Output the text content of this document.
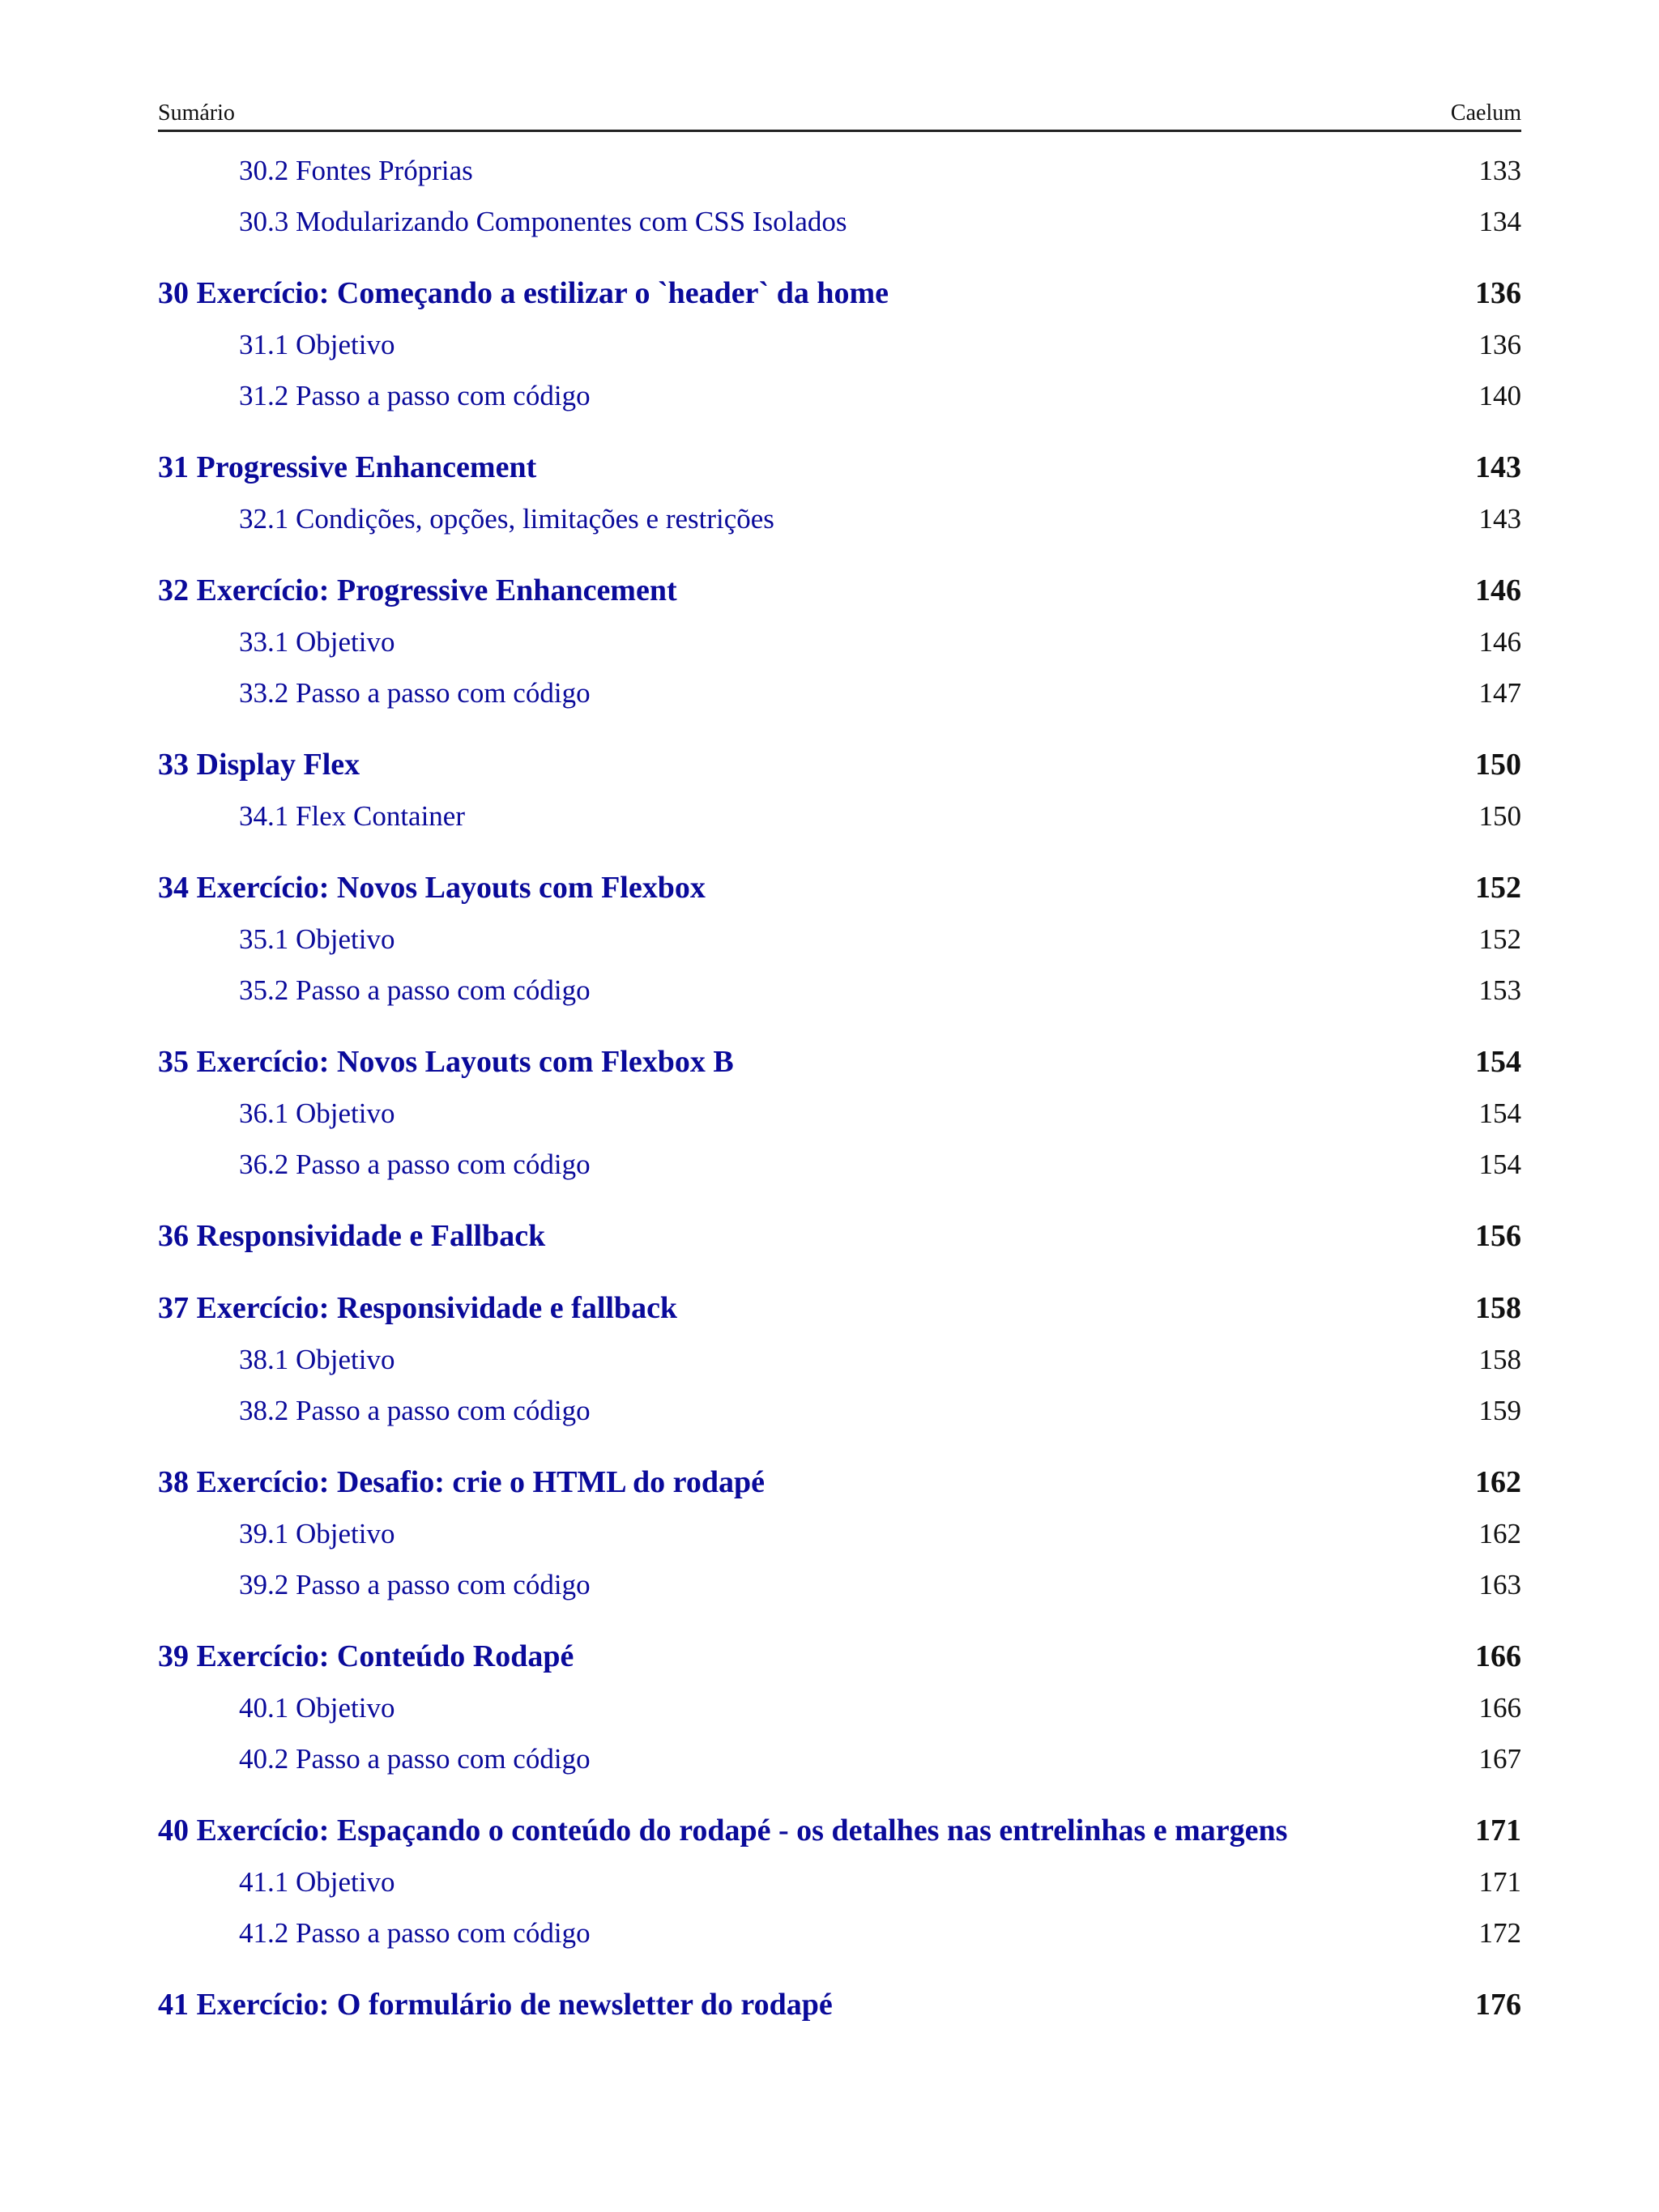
Sumário	Caelum
30.2 Fontes Próprias	133
30.3 Modularizando Componentes com CSS Isolados	134
30 Exercício: Começando a estilizar o `header` da home	136
31.1 Objetivo	136
31.2 Passo a passo com código	140
31 Progressive Enhancement	143
32.1 Condições, opções, limitações e restrições	143
32 Exercício: Progressive Enhancement	146
33.1 Objetivo	146
33.2 Passo a passo com código	147
33 Display Flex	150
34.1 Flex Container	150
34 Exercício: Novos Layouts com Flexbox	152
35.1 Objetivo	152
35.2 Passo a passo com código	153
35 Exercício: Novos Layouts com Flexbox B	154
36.1 Objetivo	154
36.2 Passo a passo com código	154
36 Responsividade e Fallback	156
37 Exercício: Responsividade e fallback	158
38.1 Objetivo	158
38.2 Passo a passo com código	159
38 Exercício: Desafio: crie o HTML do rodapé	162
39.1 Objetivo	162
39.2 Passo a passo com código	163
39 Exercício: Conteúdo Rodapé	166
40.1 Objetivo	166
40.2 Passo a passo com código	167
40 Exercício: Espaçando o conteúdo do rodapé - os detalhes nas entrelinhas e margens	171
41.1 Objetivo	171
41.2 Passo a passo com código	172
41 Exercício: O formulário de newsletter do rodapé	176
